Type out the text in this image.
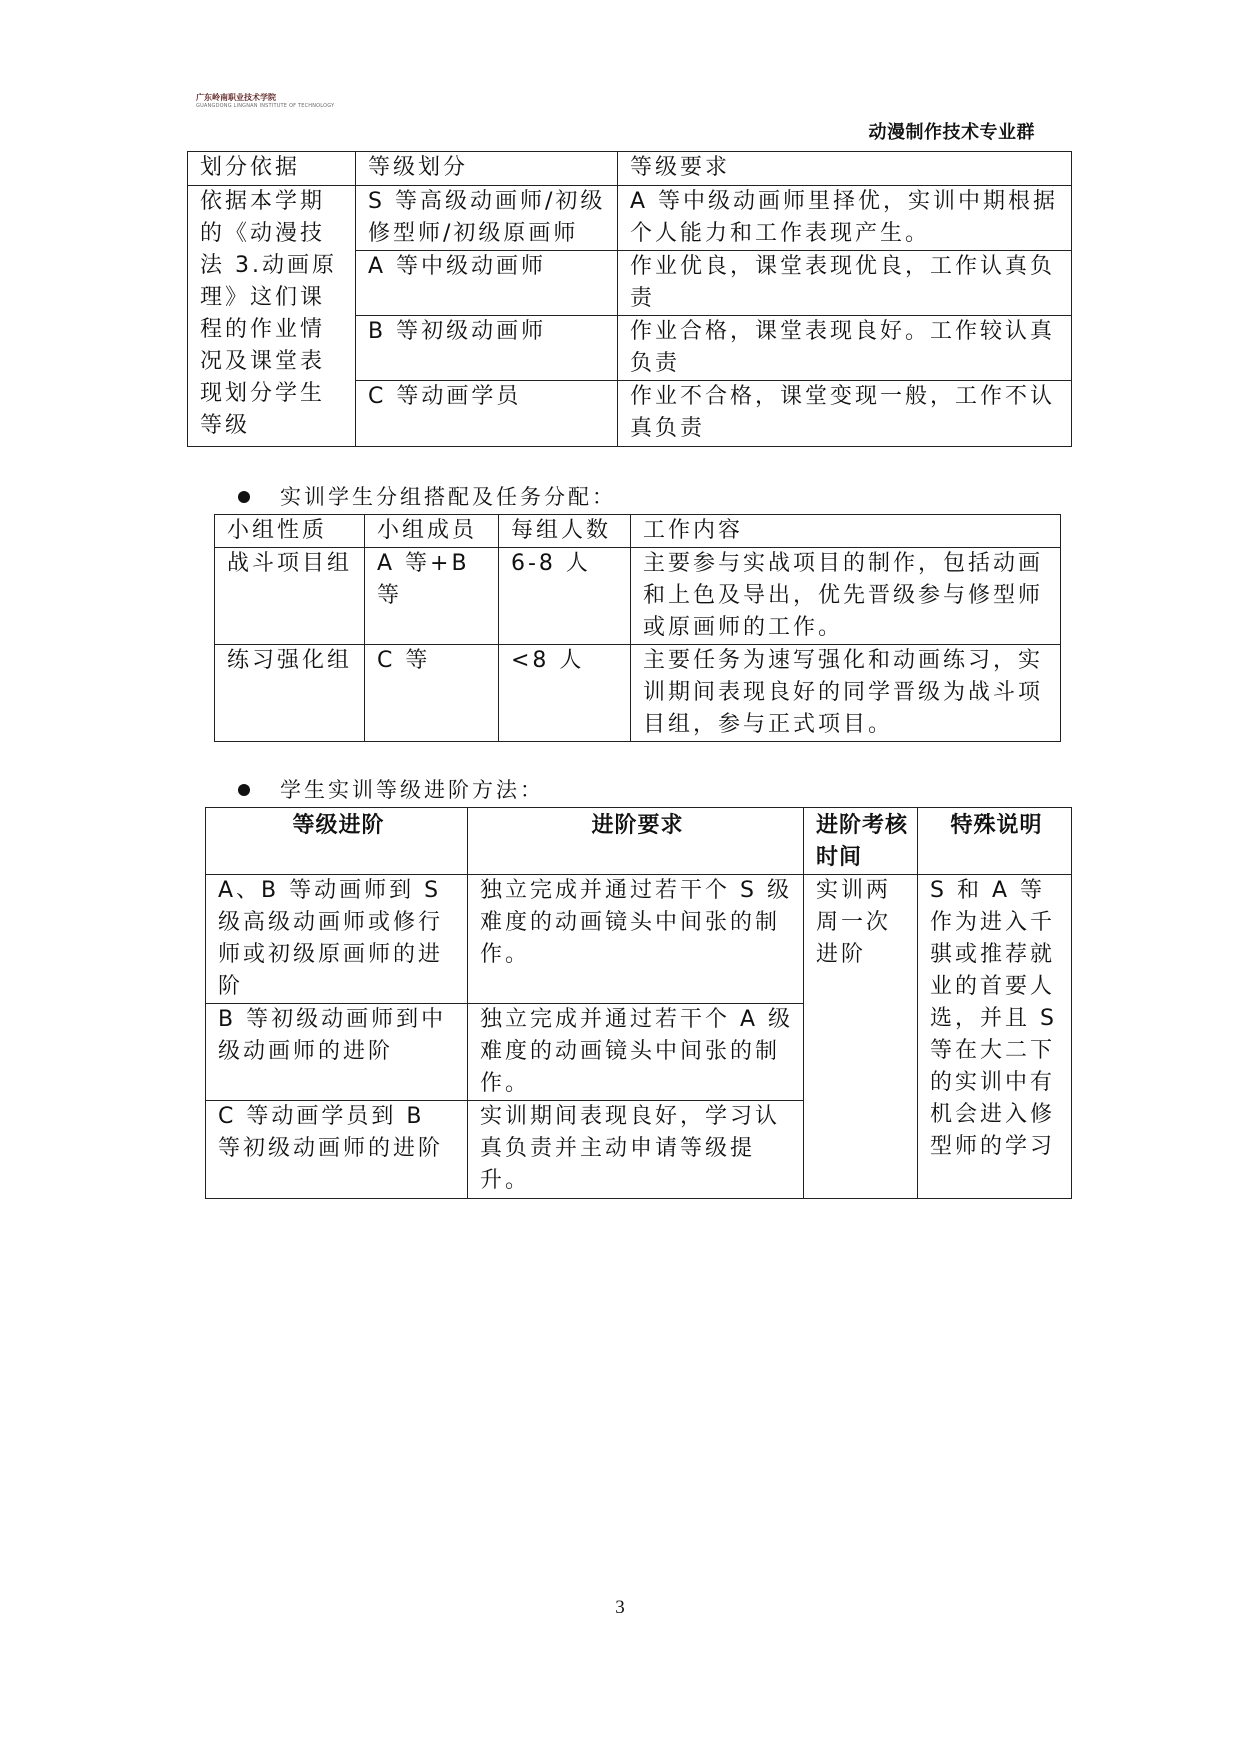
广东岭南职业技术学院
GUANGDONG LINGNAN INSTITUTE OF TECHNOLOGY
动漫制作技术专业群
划分依据	等级划分	等级要求
依据本学期的《动漫技法 3.动画原理》这们课程的作业情况及课堂表现划分学生等级	S 等高级动画师/初级修型师/初级原画师	A 等中级动画师里择优，实训中期根据个人能力和工作表现产生。
	A 等中级动画师	作业优良，课堂表现优良，工作认真负责
	B 等初级动画师	作业合格，课堂表现良好。工作较认真负责
	C 等动画学员	作业不合格，课堂变现一般，工作不认真负责
实训学生分组搭配及任务分配：
小组性质	小组成员	每组人数	工作内容
战斗项目组	A 等+B 等	6-8 人	主要参与实战项目的制作，包括动画和上色及导出，优先晋级参与修型师或原画师的工作。
练习强化组	C 等	<8 人	主要任务为速写强化和动画练习，实训期间表现良好的同学晋级为战斗项目组，参与正式项目。
学生实训等级进阶方法：
等级进阶	进阶要求	进阶考核时间	特殊说明
A、B 等动画师到 S 级高级动画师或修行师或初级原画师的进阶	独立完成并通过若干个 S 级难度的动画镜头中间张的制作。	实训两周一次进阶	S 和 A 等作为进入千骐或推荐就业的首要人选，并且 S 等在大二下的实训中有机会进入修型师的学习
B 等初级动画师到中级动画师的进阶	独立完成并通过若干个 A 级难度的动画镜头中间张的制作。		
C 等动画学员到 B 等初级动画师的进阶	实训期间表现良好，学习认真负责并主动申请等级提升。		
3
